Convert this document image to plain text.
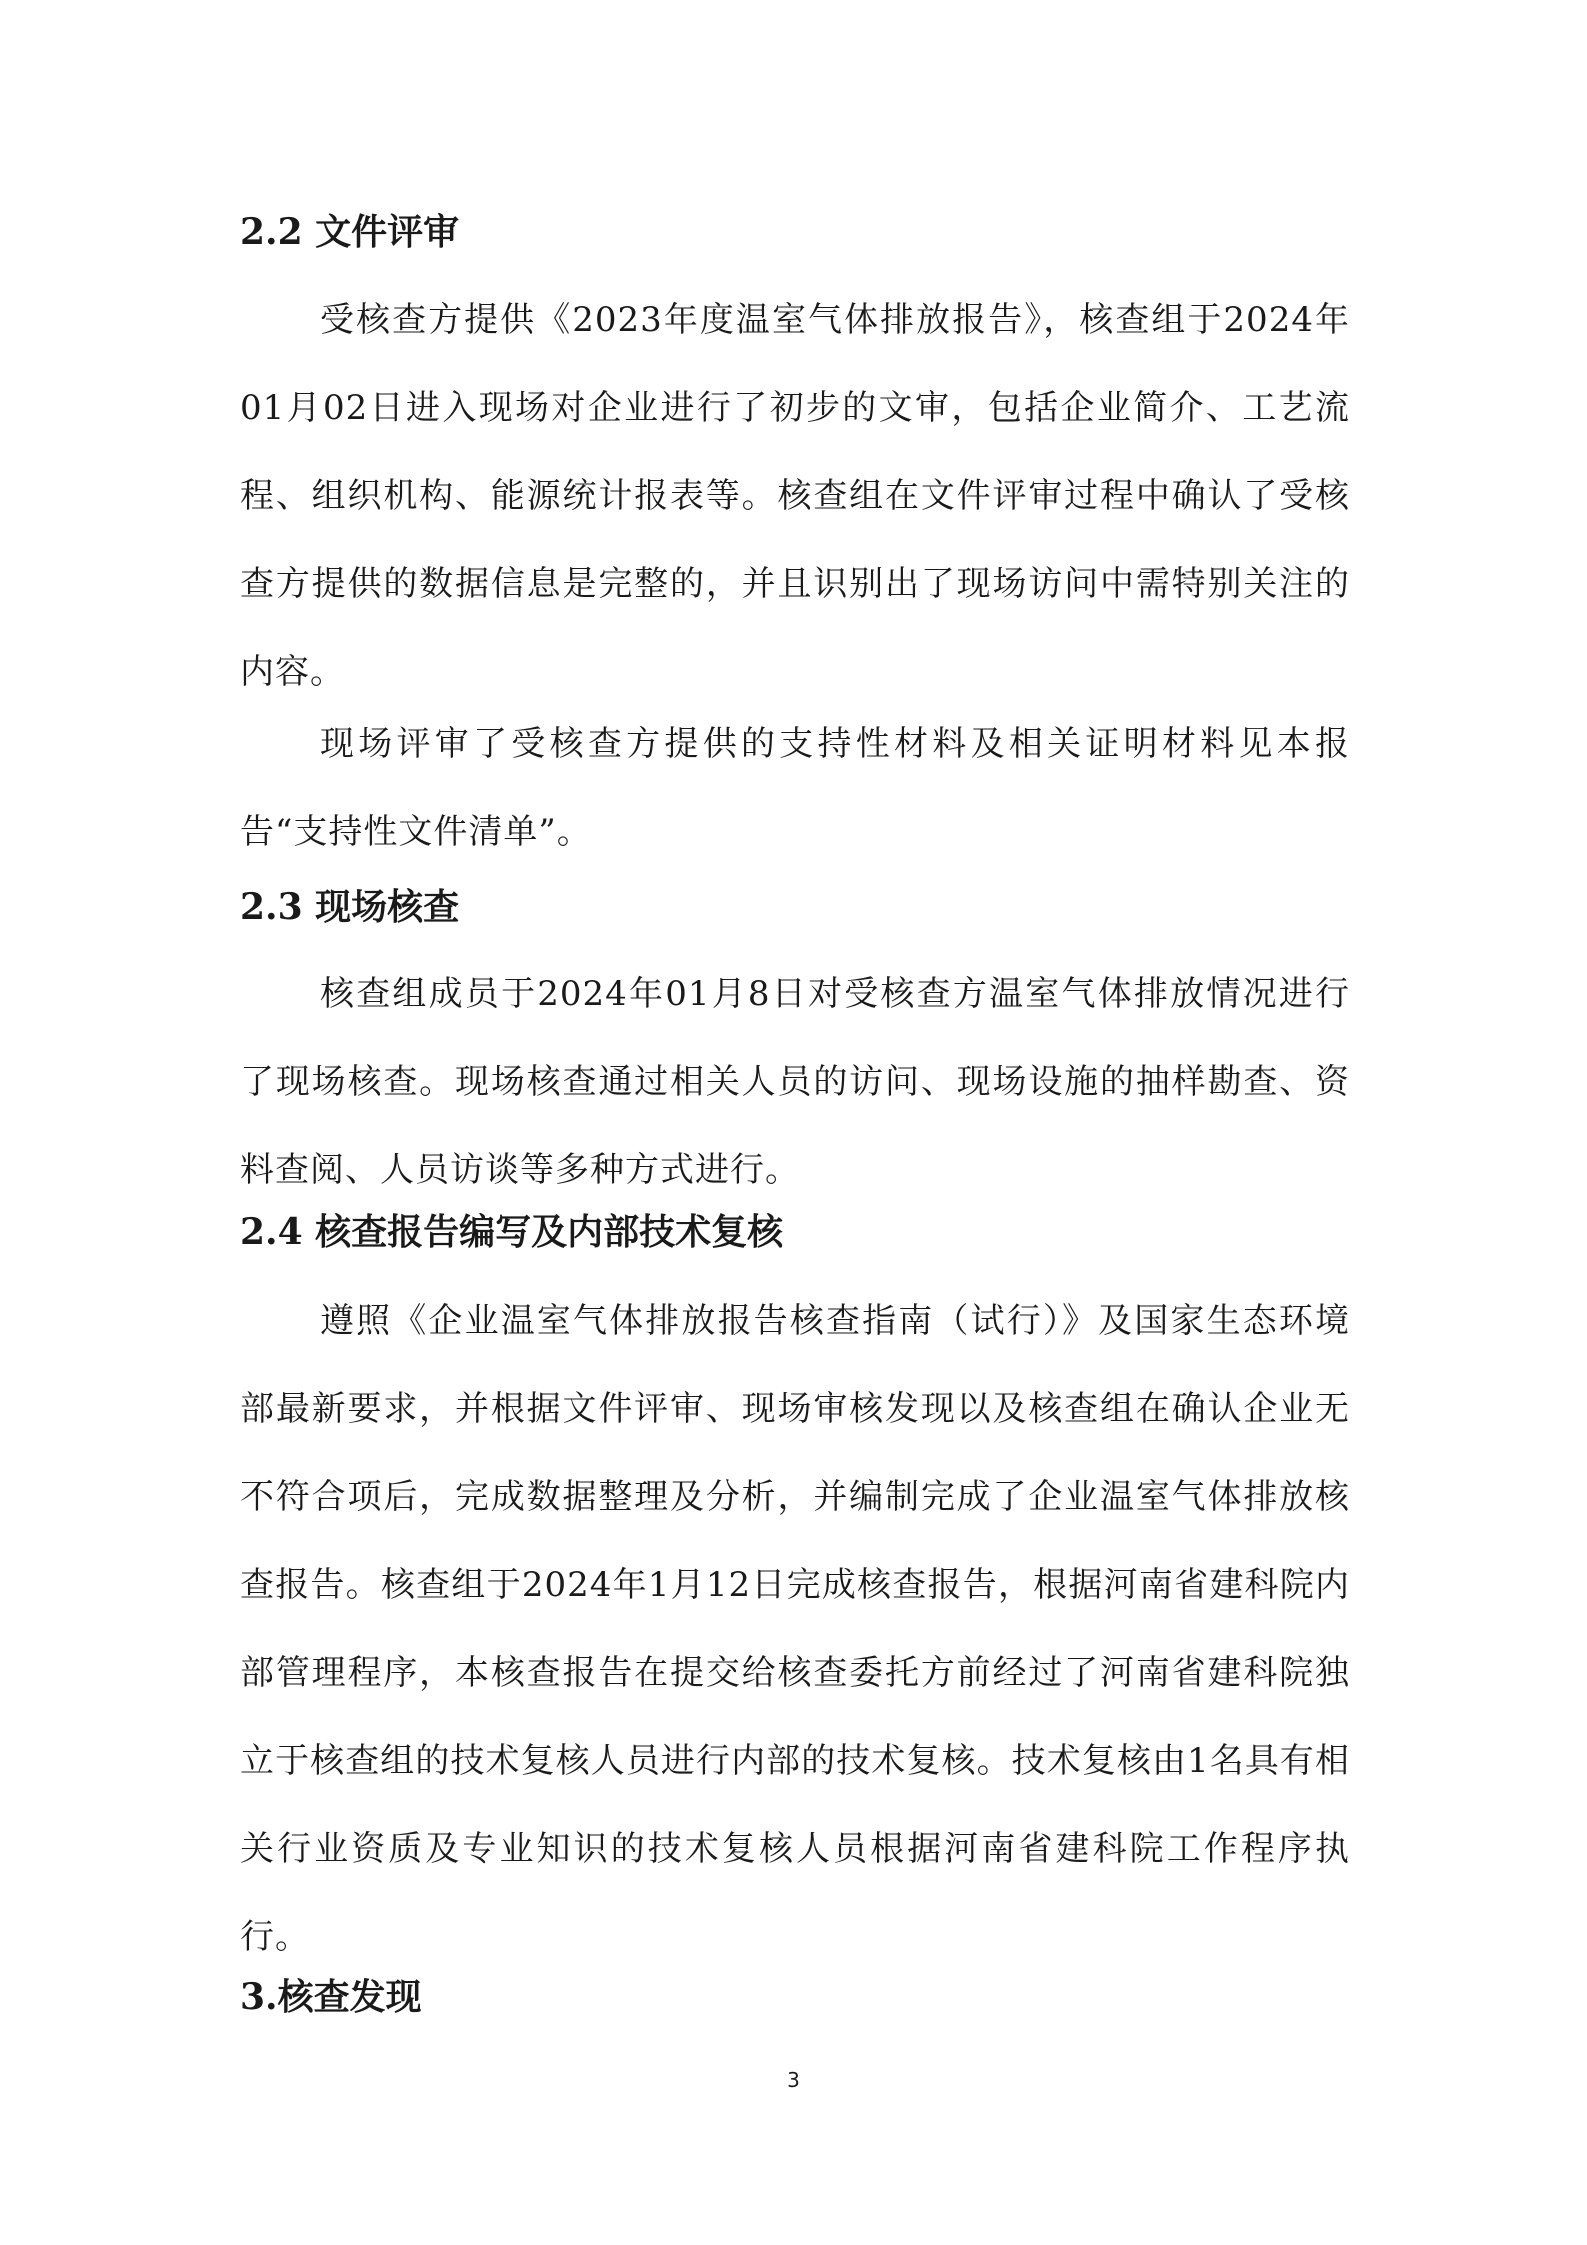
2.2 文件评审

受核查方提供《2023年度温室气体排放报告》，核查组于2024年01月02日进入现场对企业进行了初步的文审，包括企业简介、工艺流程、组织机构、能源统计报表等。核查组在文件评审过程中确认了受核查方提供的数据信息是完整的，并且识别出了现场访问中需特别关注的内容。

现场评审了受核查方提供的支持性材料及相关证明材料见本报告“支持性文件清单”。

2.3 现场核查

核查组成员于2024年01月8日对受核查方温室气体排放情况进行了现场核查。现场核查通过相关人员的访问、现场设施的抽样勘查、资料查阅、人员访谈等多种方式进行。

2.4 核查报告编写及内部技术复核

遵照《企业温室气体排放报告核查指南（试行）》及国家生态环境部最新要求，并根据文件评审、现场审核发现以及核查组在确认企业无不符合项后，完成数据整理及分析，并编制完成了企业温室气体排放核查报告。核查组于2024年1月12日完成核查报告，根据河南省建科院内部管理程序，本核查报告在提交给核查委托方前经过了河南省建科院独立于核查组的技术复核人员进行内部的技术复核。技术复核由1名具有相关行业资质及专业知识的技术复核人员根据河南省建科院工作程序执行。

3.核查发现

3
